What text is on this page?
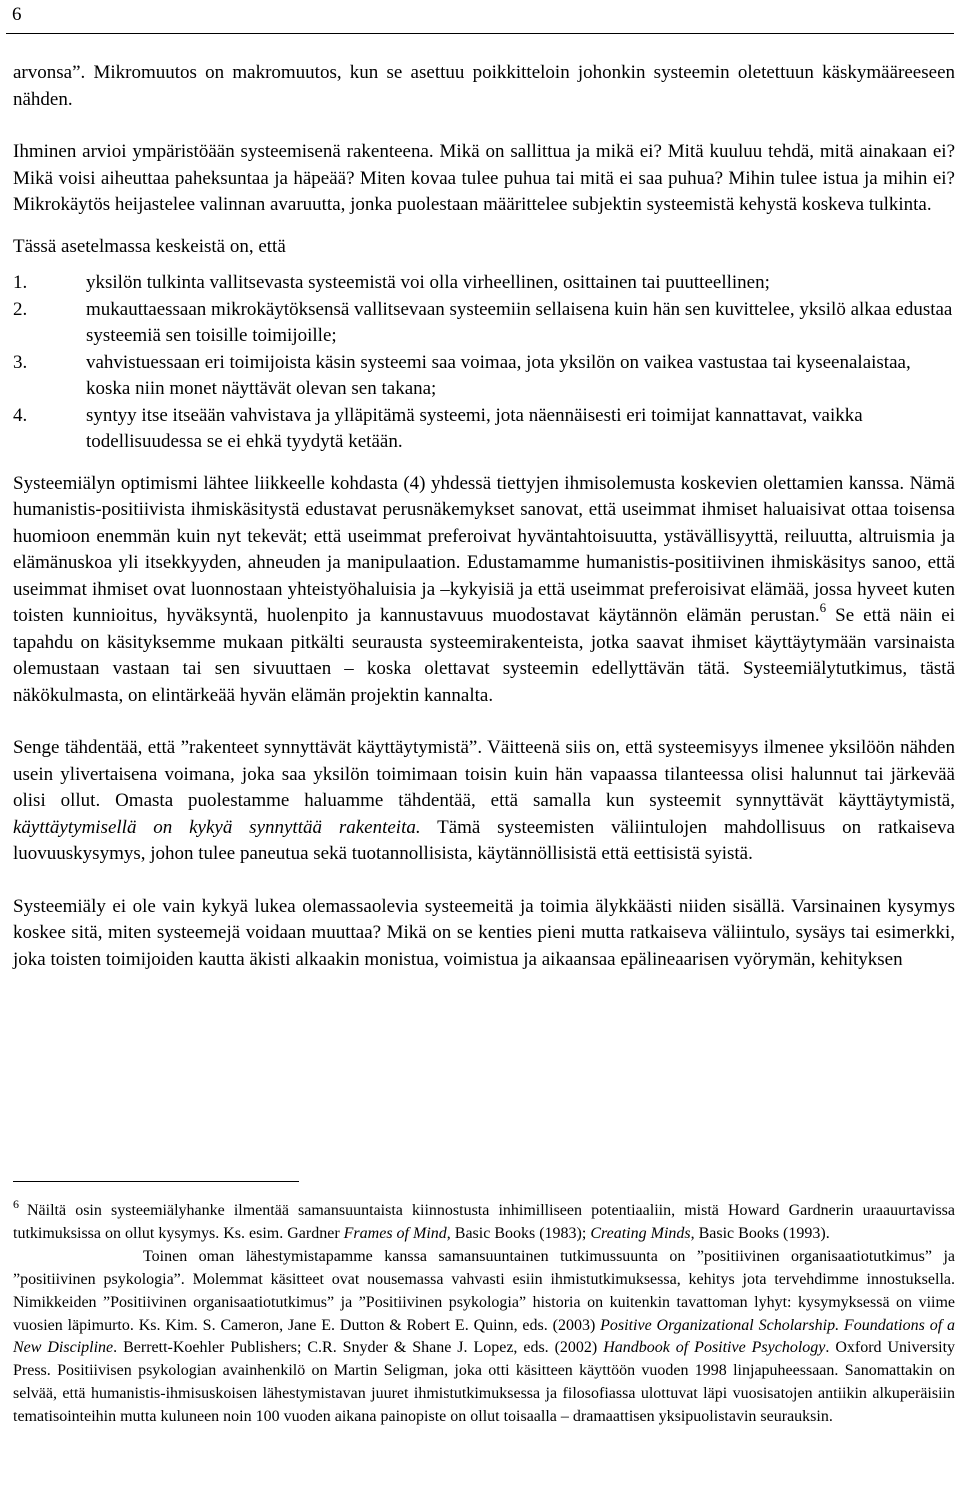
6

arvonsa”. Mikromuutos on makromuutos, kun se asettuu poikkitteloin johonkin systeemin oletettuun käskymääreeseen nähden.

Ihminen arvioi ympäristöään systeemisenä rakenteena. Mikä on sallittua ja mikä ei? Mitä kuuluu tehdä, mitä ainakaan ei? Mikä voisi aiheuttaa paheksuntaa ja häpeää? Miten kovaa tulee puhua tai mitä ei saa puhua? Mihin tulee istua ja mihin ei? Mikrokäytös heijastelee valinnan avaruutta, jonka puolestaan määrittelee subjektin systeemistä kehystä koskeva tulkinta.

Tässä asetelmassa keskeistä on, että

1.	yksilön tulkinta vallitsevasta systeemistä voi olla virheellinen, osittainen tai puutteellinen;
2.	mukauttaessaan mikrokäytöksensä vallitsevaan systeemiin sellaisena kuin hän sen kuvittelee, yksilö alkaa edustaa systeemiä sen toisille toimijoille;
3.	vahvistuessaan eri toimijoista käsin systeemi saa voimaa, jota yksilön on vaikea vastustaa tai kyseenalaistaa, koska niin monet näyttävät olevan sen takana;
4.	syntyy itse itseään vahvistava ja ylläpitämä systeemi, jota näennäisesti eri toimijat kannattavat, vaikka todellisuudessa se ei ehkä tyydytä ketään.

Systeemiälyn optimismi lähtee liikkeelle kohdasta (4) yhdessä tiettyjen ihmisolemusta koskevien olettamien kanssa. Nämä humanistis-positiivista ihmiskäsitystä edustavat perusnäkemykset sanovat, että useimmat ihmiset haluaisivat ottaa toisensa huomioon enemmän kuin nyt tekevät; että useimmat preferoivat hyväntahtoisuutta, ystävällisyyttä, reiluutta, altruismia ja elämänuskoa yli itsekkyyden, ahneuden ja manipulaation. Edustamamme humanistis-positiivinen ihmiskäsitys sanoo, että useimmat ihmiset ovat luonnostaan yhteistyöhaluisia ja –kykyisiä ja että useimmat preferoisivat elämää, jossa hyveet kuten toisten kunnioitus, hyväksyntä, huolenpito ja kannustavuus muodostavat käytännön elämän perustan.$^6$ Se että näin ei tapahdu on käsityksemme mukaan pitkälti seurausta systeemirakenteista, jotka saavat ihmiset käyttäytymään varsinaista olemustaan vastaan tai sen sivuuttaen – koska olettavat systeemin edellyttävän tätä. Systeemiälytutkimus, tästä näkökulmasta, on elintärkeää hyvän elämän projektin kannalta.

Senge tähdentää, että ”rakenteet synnyttävät käyttäytymistä”. Väitteenä siis on, että systeemisyys ilmenee yksilöön nähden usein ylivertaisena voimana, joka saa yksilön toimimaan toisin kuin hän vapaassa tilanteessa olisi halunnut tai järkevää olisi ollut. Omasta puolestamme haluamme tähdentää, että samalla kun systeemit synnyttävät käyttäytymistä, käyttäytymisellä on kykyä synnyttää rakenteita. Tämä systeemisten väliintulojen mahdollisuus on ratkaiseva luovuuskysymys, johon tulee paneutua sekä tuotannollisista, käytännöllisistä että eettisistä syistä.

Systeemiäly ei ole vain kykyä lukea olemassaolevia systeemeitä ja toimia älykkäästi niiden sisällä. Varsinainen kysymys koskee sitä, miten systeemejä voidaan muuttaa? Mikä on se kenties pieni mutta ratkaiseva väliintulo, sysäys tai esimerkki, joka toisten toimijoiden kautta äkisti alkaakin monistua, voimistua ja aikaansaa epälineaarisen vyörymän, kehityksen

$^6$ Näiltä osin systeemiälyhanke ilmentää samansuuntaista kiinnostusta inhimilliseen potentiaaliin, mistä Howard Gardnerin uraauurtavissa tutkimuksissa on ollut kysymys. Ks. esim. Gardner Frames of Mind, Basic Books (1983); Creating Minds, Basic Books (1993).

Toinen oman lähestymistapamme kanssa samansuuntainen tutkimussuunta on ”positiivinen organisaatiotutkimus” ja ”positiivinen psykologia”. Molemmat käsitteet ovat nousemassa vahvasti esiin ihmistutkimuksessa, kehitys jota tervehdimme innostuksella. Nimikkeiden ”Positiivinen organisaatiotutkimus” ja ”Positiivinen psykologia” historia on kuitenkin tavattoman lyhyt: kysymyksessä on viime vuosien läpimurto. Ks. Kim. S. Cameron, Jane E. Dutton & Robert E. Quinn, eds. (2003) Positive Organizational Scholarship. Foundations of a New Discipline. Berrett-Koehler Publishers; C.R. Snyder & Shane J. Lopez, eds. (2002) Handbook of Positive Psychology. Oxford University Press. Positiivisen psykologian avainhenkilö on Martin Seligman, joka otti käsitteen käyttöön vuoden 1998 linjapuheessaan. Sanomattakin on selvää, että humanistis-ihmisuskoisen lähestymistavan juuret ihmistutkimuksessa ja filosofiassa ulottuvat läpi vuosisatojen antiikin alkuperäisiin tematisointeihin mutta kuluneen noin 100 vuoden aikana painopiste on ollut toisaalla – dramaattisen yksipuolistavin seurauksin.
